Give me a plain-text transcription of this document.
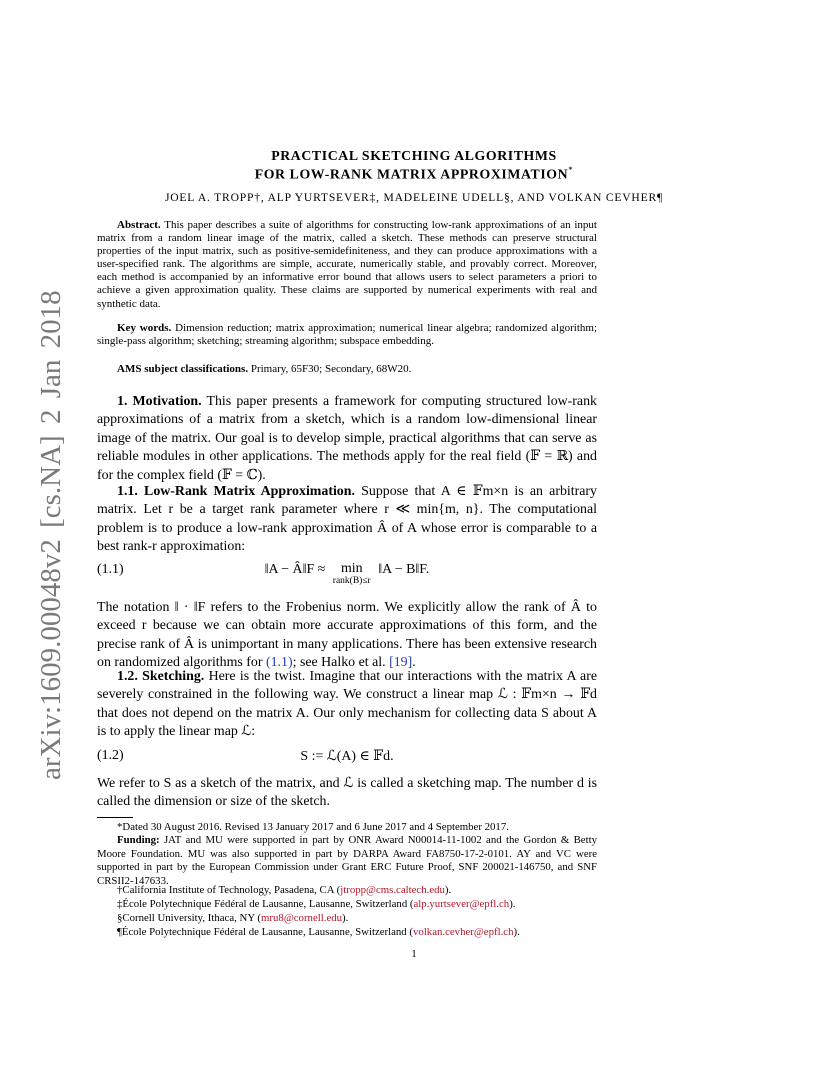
arXiv:1609.00048v2 [cs.NA] 2 Jan 2018
PRACTICAL SKETCHING ALGORITHMS
FOR LOW-RANK MATRIX APPROXIMATION*
JOEL A. TROPP†, ALP YURTSEVER‡, MADELEINE UDELL§, AND VOLKAN CEVHER¶
Abstract. This paper describes a suite of algorithms for constructing low-rank approximations of an input matrix from a random linear image of the matrix, called a sketch. These methods can preserve structural properties of the input matrix, such as positive-semidefiniteness, and they can produce approximations with a user-specified rank. The algorithms are simple, accurate, numerically stable, and provably correct. Moreover, each method is accompanied by an informative error bound that allows users to select parameters a priori to achieve a given approximation quality. These claims are supported by numerical experiments with real and synthetic data.
Key words. Dimension reduction; matrix approximation; numerical linear algebra; randomized algorithm; single-pass algorithm; sketching; streaming algorithm; subspace embedding.
AMS subject classifications. Primary, 65F30; Secondary, 68W20.
1. Motivation. This paper presents a framework for computing structured low-rank approximations of a matrix from a sketch, which is a random low-dimensional linear image of the matrix. Our goal is to develop simple, practical algorithms that can serve as reliable modules in other applications. The methods apply for the real field (𝔽 = ℝ) and for the complex field (𝔽 = ℂ).
1.1. Low-Rank Matrix Approximation. Suppose that A ∈ 𝔽m×n is an arbitrary matrix. Let r be a target rank parameter where r ≪ min{m, n}. The computational problem is to produce a low-rank approximation Â of A whose error is comparable to a best rank-r approximation:
(1.1)	‖A − Â‖F ≈	min
rank(B)≤r
‖A − B‖F.
The notation ‖ · ‖F refers to the Frobenius norm. We explicitly allow the rank of Â to exceed r because we can obtain more accurate approximations of this form, and the precise rank of Â is unimportant in many applications. There has been extensive research on randomized algorithms for (1.1); see Halko et al. [19].
1.2. Sketching. Here is the twist. Imagine that our interactions with the matrix A are severely constrained in the following way. We construct a linear map ℒ : 𝔽m×n → 𝔽d that does not depend on the matrix A. Our only mechanism for collecting data S about A is to apply the linear map ℒ:
(1.2)	S := ℒ(A) ∈ 𝔽d.
We refer to S as a sketch of the matrix, and ℒ is called a sketching map. The number d is called the dimension or size of the sketch.
*Dated 30 August 2016. Revised 13 January 2017 and 6 June 2017 and 4 September 2017.
Funding: JAT and MU were supported in part by ONR Award N00014-11-1002 and the Gordon & Betty Moore Foundation. MU was also supported in part by DARPA Award FA8750-17-2-0101. AY and VC were supported in part by the European Commission under Grant ERC Future Proof, SNF 200021-146750, and SNF CRSII2-147633.
†California Institute of Technology, Pasadena, CA (jtropp@cms.caltech.edu).
‡École Polytechnique Fédéral de Lausanne, Lausanne, Switzerland (alp.yurtsever@epfl.ch).
§Cornell University, Ithaca, NY (mru8@cornell.edu).
¶École Polytechnique Fédéral de Lausanne, Lausanne, Switzerland (volkan.cevher@epfl.ch).
1
